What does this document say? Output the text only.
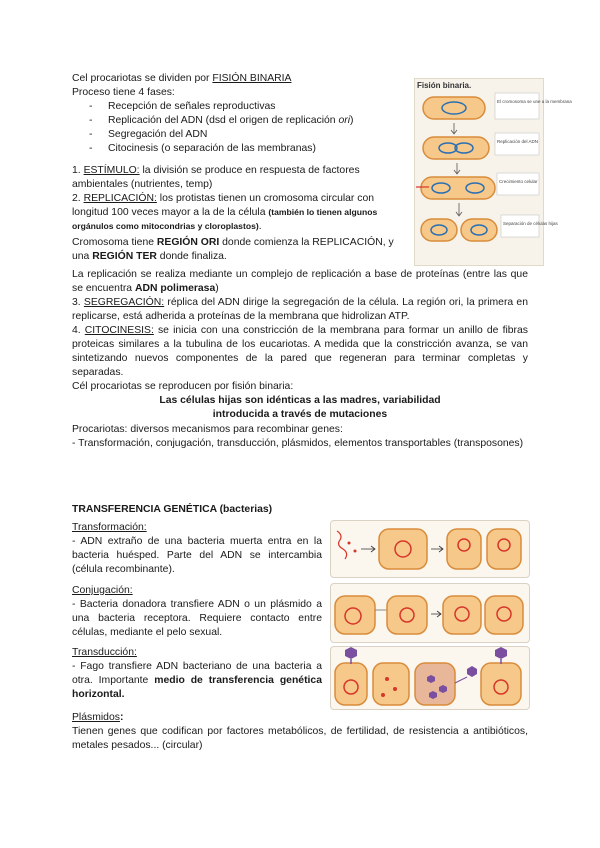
Cel procariotas se dividen por FISIÓN BINARIA

Proceso tiene 4 fases:

- Recepción de señales reproductivas
- Replicación del ADN (dsd el origen de replicación ori)
- Segregación del ADN
- Citocinesis (o separación de las membranas)
Fisión binaria.
El cromosoma se une a la membrana
Replicación del ADN
Crecimiento celular
Separación de células hijas

1. ESTÍMULO: la división se produce en respuesta de factores ambientales (nutrientes, temp)

2. REPLICACIÓN: los protistas tienen un cromosoma circular con longitud 100 veces mayor a la de la célula (también lo tienen algunos orgánulos como mitocondrias y cloroplastos).

Cromosoma tiene REGIÓN ORI donde comienza la REPLICACIÓN, y una REGIÓN TER donde finaliza.

La replicación se realiza mediante un complejo de replicación a base de proteínas (entre las que se encuentra ADN polimerasa)

3. SEGREGACIÓN: réplica del ADN dirige la segregación de la célula. La región ori, la primera en replicarse, está adherida a proteínas de la membrana que hidrolizan ATP.

4. CITOCINESIS: se inicia con una constricción de la membrana para formar un anillo de fibras proteicas similares a la tubulina de los eucariotas. A medida que la constricción avanza, se van sintetizando nuevos componentes de la pared que regeneran para terminar completas y separadas.

Cél procariotas se reproducen por fisión binaria:

Las células hijas son idénticas a las madres, variabilidad introducida a través de mutaciones

Procariotas: diversos mecanismos para recombinar genes:

- Transformación, conjugación, transducción, plásmidos, elementos transportables (transposones)

TRANSFERENCIA GENÉTICA (bacterias)

Transformación:

- ADN extraño de una bacteria muerta entra en la bacteria huésped. Parte del ADN se intercambia (célula recombinante).

Conjugación:

- Bacteria donadora transfiere ADN o un plásmido a una bacteria receptora. Requiere contacto entre células, mediante el pelo sexual.

Transducción:

- Fago transfiere ADN bacteriano de una bacteria a otra. Importante medio de transferencia genética horizontal.

Plásmidos:

Tienen genes que codifican por factores metabólicos, de fertilidad, de resistencia a antibióticos, metales pesados... (circular)
